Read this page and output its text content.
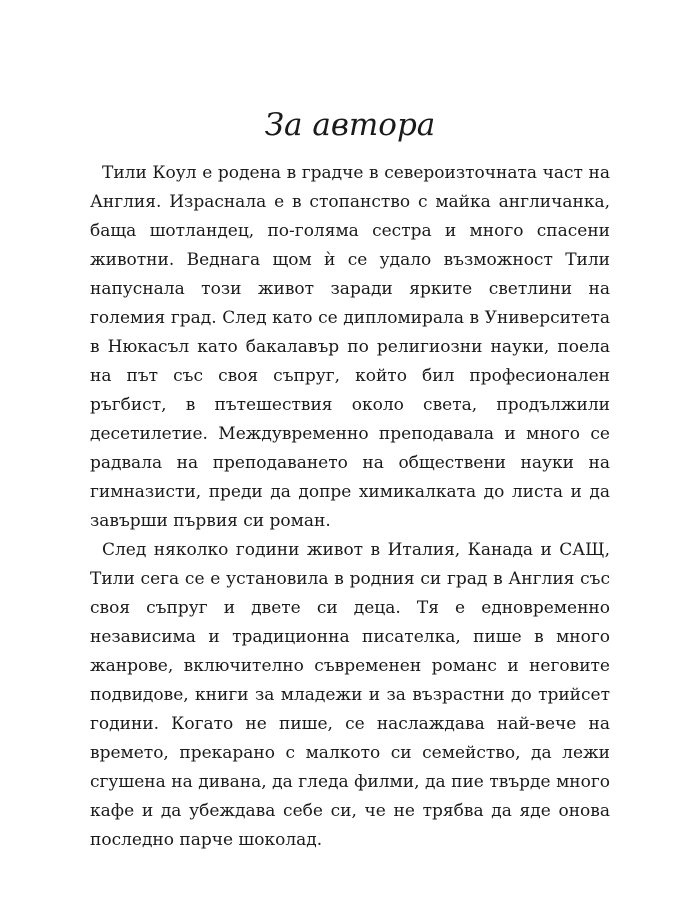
За автора

Тили Коул е родена в градче в североизточната част на Англия. Израснала е в стопанство с майка англичанка, баща шотландец, по-голяма сестра и много спасени животни. Веднага щом ѝ се удало възможност Тили напуснала този живот заради ярките светлини на големия град. След като се дипломирала в Университета в Нюкасъл като бакалавър по религиозни науки, поела на път със своя съпруг, който бил професионален ръгбист, в пътешествия около света, продължили десетилетие. Междувременно преподавала и много се радвала на преподаването на обществени науки на гимназисти, преди да допре химикалката до листа и да завърши първия си роман.

След няколко години живот в Италия, Канада и САЩ, Тили сега се е установила в родния си град в Англия със своя съпруг и двете си деца. Тя е едновременно независима и традиционна писателка, пише в много жанрове, включително съвременен романс и неговите подвидове, книги за младежи и за възрастни до трийсет години. Когато не пише, се наслаждава най-вече на времето, прекарано с малкото си семейство, да лежи сгушена на дивана, да гледа филми, да пие твърде много кафе и да убеждава себе си, че не трябва да яде онова последно парче шоколад.
